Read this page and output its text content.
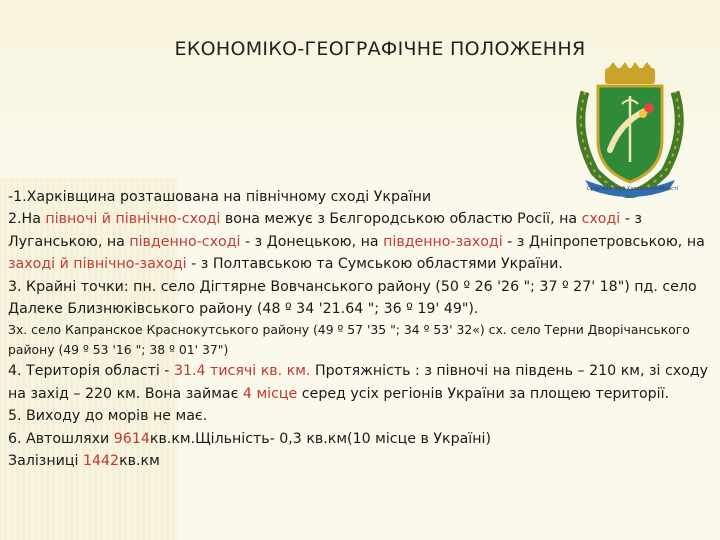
ЕКОНОМІКО-ГЕОГРАФІЧНЕ ПОЛОЖЕННЯ
Сучасний герб Харківської області

-1.Харківщина розташована на північному сході України

2.На півночі й північно-сході вона межує з Бєлгородською областю Росії, на сході - з Луганською, на південно-сході - з Донецькою, на південно-заході - з Дніпропетровською, на заході й північно-заході - з Полтавською та Сумською областями України.

3. Крайні точки: пн. село Дігтярне Вовчанського району (50 º 26 '26 "; 37 º 27' 18") пд. село Далеке Близнюківського району (48 º 34 '21.64 "; 36 º 19' 49").

Зх. село Капранское Краснокутського району (49 º 57 '35 "; 34 º 53' 32«) сх. село Терни Дворічанського району (49 º 53 '16 "; 38 º 01' 37")

4. Територія області - 31.4 тисячі кв. км. Протяжність : з півночі на південь – 210 км, зі сходу на захід – 220 км. Вона займає 4 місце серед усіх регіонів України за площею території.

5. Виходу до морів не має.

6. Автошляхи 9614кв.км.Щільність- 0,3 кв.км(10 місце в Україні)

Залізниці 1442кв.км
